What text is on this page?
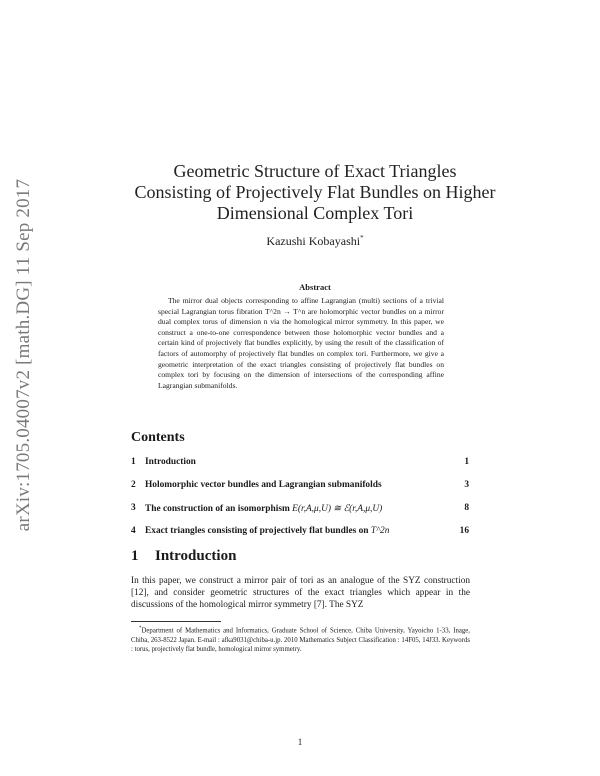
arXiv:1705.04007v2 [math.DG] 11 Sep 2017
Geometric Structure of Exact Triangles
Consisting of Projectively Flat Bundles on Higher
Dimensional Complex Tori
Kazushi Kobayashi*
Abstract
The mirror dual objects corresponding to affine Lagrangian (multi) sections of a trivial special Lagrangian torus fibration T^2n → T^n are holomorphic vector bundles on a mirror dual complex torus of dimension n via the homological mirror symmetry. In this paper, we construct a one-to-one correspondence between those holomorphic vector bundles and a certain kind of projectively flat bundles explicitly, by using the result of the classification of factors of automorphy of projectively flat bundles on complex tori. Furthermore, we give a geometric interpretation of the exact triangles consisting of projectively flat bundles on complex tori by focusing on the dimension of intersections of the corresponding affine Lagrangian submanifolds.
Contents
1 Introduction	1
2 Holomorphic vector bundles and Lagrangian submanifolds	3
3 The construction of an isomorphism E(r,A,μ,U) ≅ ℰ(r,A,μ,U)	8
4 Exact triangles consisting of projectively flat bundles on T^2n	16
1 Introduction
In this paper, we construct a mirror pair of tori as an analogue of the SYZ construction [12], and consider geometric structures of the exact triangles which appear in the discussions of the homological mirror symmetry [7]. The SYZ
*Department of Mathematics and Informatics, Graduate School of Science, Chiba University, Yayoicho 1-33, Inage, Chiba, 263-8522 Japan. E-mail : afka9031@chiba-u.jp. 2010 Mathematics Subject Classification : 14F05, 14J33. Keywords : torus, projectively flat bundle, homological mirror symmetry.
1
